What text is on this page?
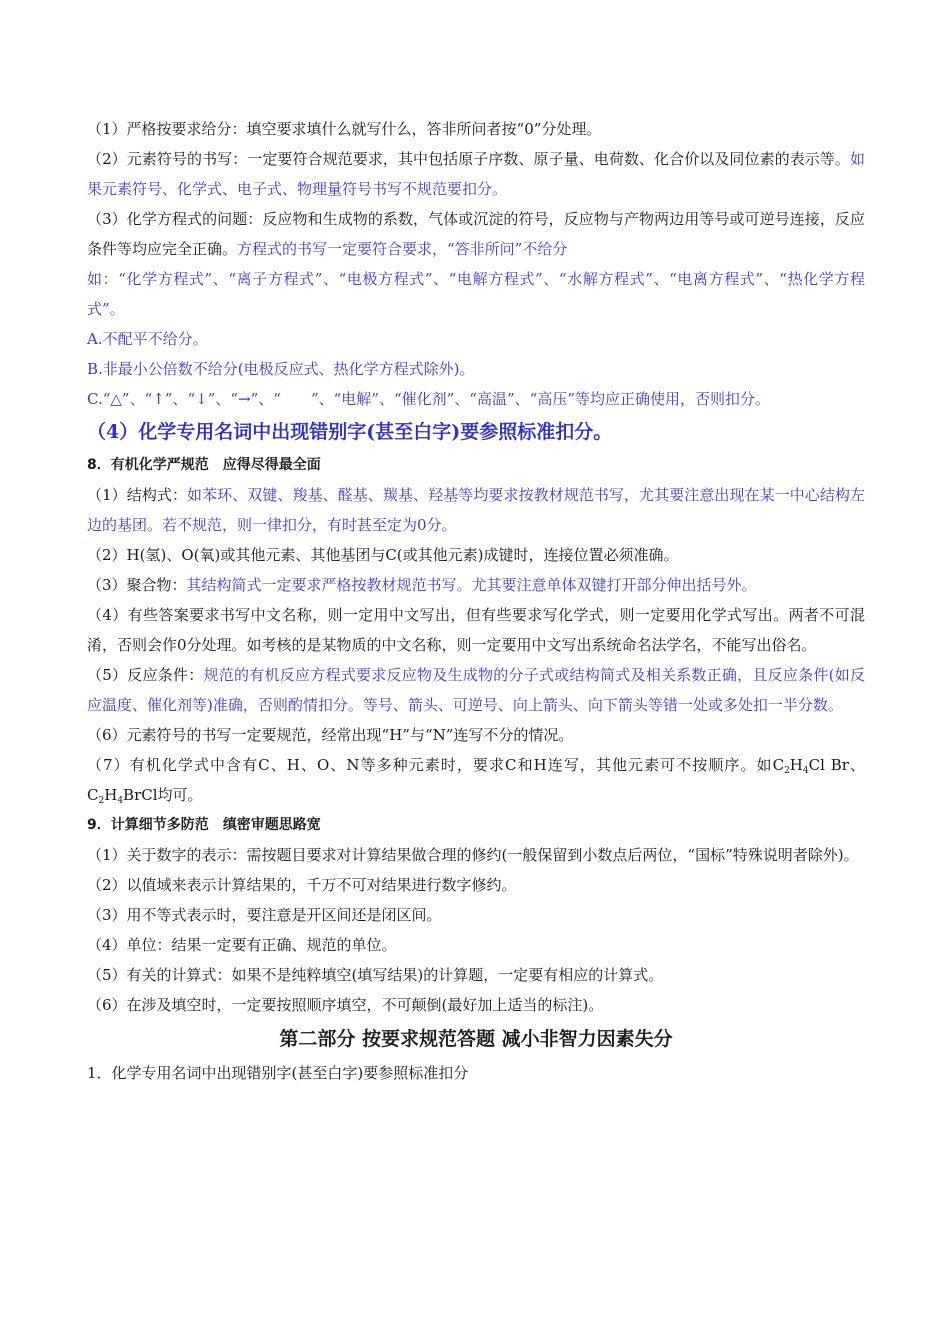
（1）严格按要求给分：填空要求填什么就写什么，答非所问者按“0”分处理。

（2）元素符号的书写：一定要符合规范要求，其中包括原子序数、原子量、电荷数、化合价以及同位素的表示等。如果元素符号、化学式、电子式、物理量符号书写不规范要扣分。

（3）化学方程式的问题：反应物和生成物的系数，气体或沉淀的符号，反应物与产物两边用等号或可逆号连接，反应条件等均应完全正确。方程式的书写一定要符合要求，“答非所问”不给分

如：“化学方程式”、“离子方程式”、“电极方程式”、“电解方程式”、“水解方程式”、“电离方程式”、“热化学方程式”。

A.不配平不给分。

B.非最小公倍数不给分(电极反应式、热化学方程式除外)。

C.“△”、“↑”、“↓”、“→”、“　　”、“电解”、“催化剂”、“高温”、“高压”等均应正确使用，否则扣分。

（4）化学专用名词中出现错别字(甚至白字)要参照标准扣分。

8．有机化学严规范　应得尽得最全面

（1）结构式：如苯环、双键、羧基、醛基、羰基、羟基等均要求按教材规范书写，尤其要注意出现在某一中心结构左边的基团。若不规范，则一律扣分，有时甚至定为0分。

（2）H(氢)、O(氧)或其他元素、其他基团与C(或其他元素)成键时，连接位置必须准确。

（3）聚合物：其结构简式一定要求严格按教材规范书写。尤其要注意单体双键打开部分伸出括号外。

（4）有些答案要求书写中文名称，则一定用中文写出，但有些要求写化学式，则一定要用化学式写出。两者不可混淆，否则会作0分处理。如考核的是某物质的中文名称，则一定要用中文写出系统命名法学名，不能写出俗名。

（5）反应条件：规范的有机反应方程式要求反应物及生成物的分子式或结构简式及相关系数正确，且反应条件(如反应温度、催化剂等)准确，否则酌情扣分。等号、箭头、可逆号、向上箭头、向下箭头等错一处或多处扣一半分数。

（6）元素符号的书写一定要规范，经常出现“H”与“N”连写不分的情况。

（7）有机化学式中含有C、H、O、N等多种元素时，要求C和H连写，其他元素可不按顺序。如$C_2H_4Cl$ Br、$C_2H_4BrCl$均可。

9．计算细节多防范　缜密审题思路宽

（1）关于数字的表示：需按题目要求对计算结果做合理的修约(一般保留到小数点后两位，“国标”特殊说明者除外)。

（2）以值域来表示计算结果的，千万不可对结果进行数字修约。

（3）用不等式表示时，要注意是开区间还是闭区间。

（4）单位：结果一定要有正确、规范的单位。

（5）有关的计算式：如果不是纯粹填空(填写结果)的计算题，一定要有相应的计算式。

（6）在涉及填空时，一定要按照顺序填空，不可颠倒(最好加上适当的标注)。

第二部分 按要求规范答题 减小非智力因素失分

1．化学专用名词中出现错别字(甚至白字)要参照标准扣分
